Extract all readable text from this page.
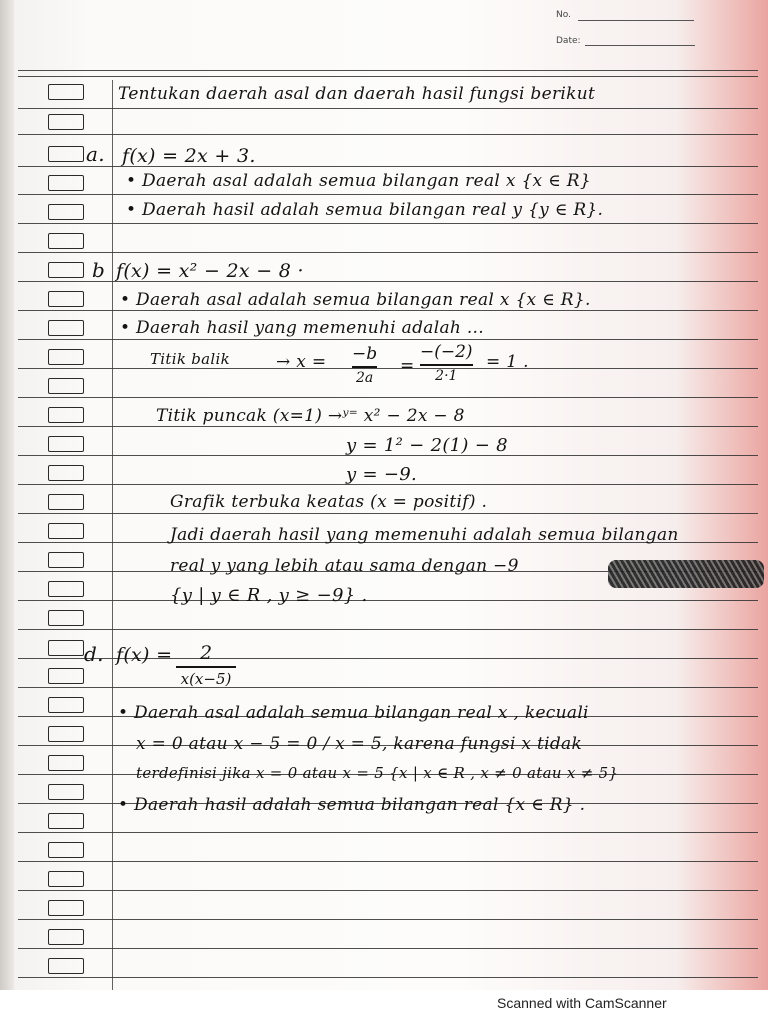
No.
Date:
Tentukan daerah asal dan daerah hasil fungsi berikut
a. f(x) = 2x + 3.
• Daerah asal adalah semua bilangan real x {x ∈ R}
• Daerah hasil adalah semua bilangan real y {y ∈ R}.
b f(x) = x² − 2x − 8 ·
• Daerah asal adalah semua bilangan real x {x ∈ R}.
• Daerah hasil yang memenuhi adalah ...
Titik balik	→ x = −b
2a
=
−(−2)
2·1
= 1 .
Titik puncak (x=1) →ʸ⁼ x² − 2x − 8
y = 1² − 2(1) − 8
y = −9.
Grafik terbuka keatas (x = positif) .
Jadi daerah hasil yang memenuhi adalah semua bilangan
real y yang lebih atau sama dengan −9
{y | y ∈ R , y ≥ −9} .
d. f(x) = 2
x(x−5)
• Daerah asal adalah semua bilangan real x , kecuali
x = 0 atau x − 5 = 0 / x = 5, karena fungsi x tidak
terdefinisi jika x = 0 atau x = 5 {x | x ∈ R , x ≠ 0 atau x ≠ 5}
• Daerah hasil adalah semua bilangan real {x ∈ R} .
Scanned with CamScanner
